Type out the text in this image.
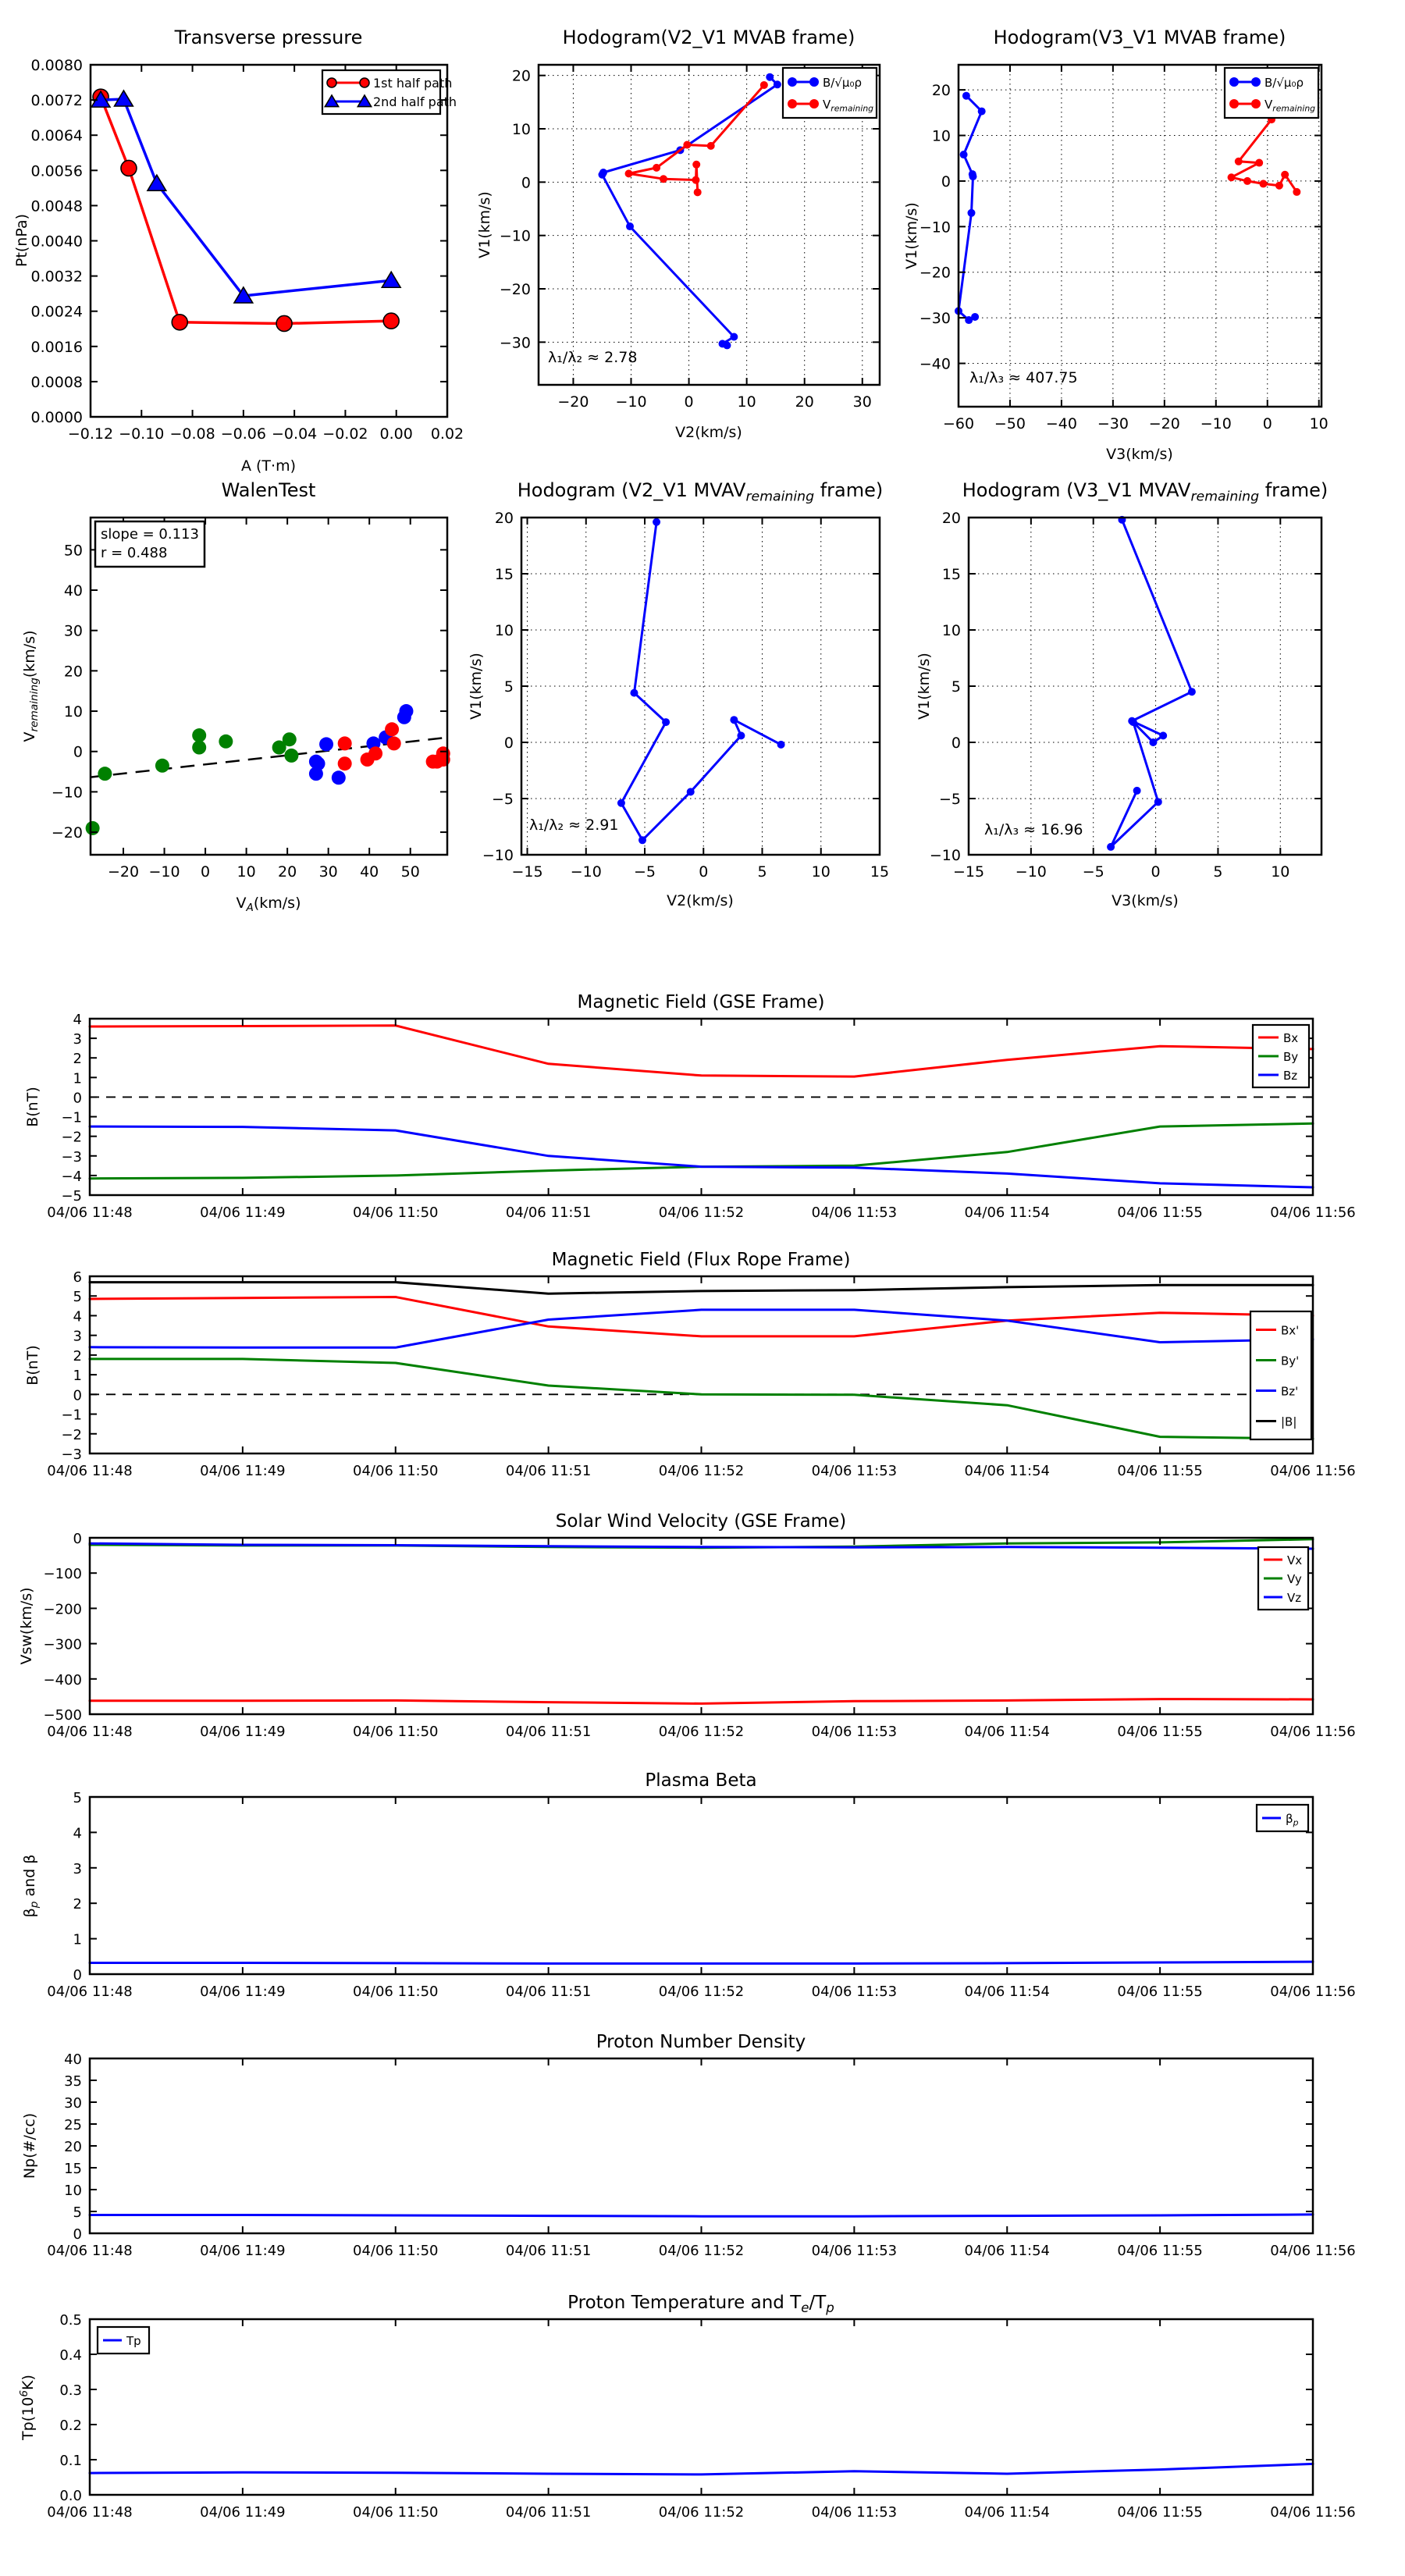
−0.12 −0.10 −0.08 −0.06 −0.04 −0.02 0.00 0.02
0.0000
0.0008
0.0016
0.0024
0.0032
0.0040
0.0048
0.0056
0.0064
0.0072
0.0080
Transverse pressure
A (T·m)
Pt(nPa)
1st half path
2nd half path
−20 −10	0	10	20	30
−30
−20
−10
0
10
20
Hodogram(V2_V1 MVAB frame)
V2(km/s)
V1(km/s)
λ₁/λ₂ ≈ 2.78
B/√μ₀ρ
$V_{remaining}$
−60 −50 −40 −30 −20 −10 0	10
−40
−30
−20
−10
0
10
20
Hodogram(V3_V1 MVAB frame)
V3(km/s)
V1(km/s)
λ₁/λ₃ ≈ 407.75
B/√μ₀ρ
$V_{remaining}$
−20 −10 0 10 20 30 40 50
−20
−10
0
10
20
30
40
50
WalenTest
$V_A(km/s)$
$V_{remaining}(km/s)$
slope = 0.113
r = 0.488
−15 −10 −5	0	5	10	15
−10
−5
0
5
10
15
20
Hodogram (V2_V1 $MVAV_{remaining}$ frame)
V2(km/s)
V1(km/s)
λ₁/λ₂ ≈ 2.91
−15 −10 −5	0	5	10
−10
−5
0
5
10
15
20
Hodogram (V3_V1 $MVAV_{remaining}$ frame)
V3(km/s)
V1(km/s)
λ₁/λ₃ ≈ 16.96
04/06 11:48	04/06 11:49	04/06 11:50	04/06 11:51	04/06 11:52	04/06 11:53	04/06 11:54	04/06 11:55	04/06 11:56
−5
−4
−3
−2
−1
0
1
2
3
4
Magnetic Field (GSE Frame)
B(nT)
Bx
By
Bz
04/06 11:48	04/06 11:49	04/06 11:50	04/06 11:51	04/06 11:52	04/06 11:53	04/06 11:54	04/06 11:55	04/06 11:56
−3
−2
−1
0
1
2
3
4
5
6
Magnetic Field (Flux Rope Frame)
B(nT)
Bx'
By'
Bz'
|B|
04/06 11:48	04/06 11:49	04/06 11:50	04/06 11:51	04/06 11:52	04/06 11:53	04/06 11:54	04/06 11:55	04/06 11:56
−500
−400
−300
−200
−100
0
Solar Wind Velocity (GSE Frame)
Vsw(km/s)
Vx
Vy
Vz
04/06 11:48	04/06 11:49	04/06 11:50	04/06 11:51	04/06 11:52	04/06 11:53	04/06 11:54	04/06 11:55	04/06 11:56
0
1
2
3
4
5
Plasma Beta
$\beta_p$ and β
$\beta_p$
04/06 11:48	04/06 11:49	04/06 11:50	04/06 11:51	04/06 11:52	04/06 11:53	04/06 11:54	04/06 11:55	04/06 11:56
0
5
10
15
20
25
30
35
40
Proton Number Density
Np(#/cc)
04/06 11:48	04/06 11:49	04/06 11:50	04/06 11:51	04/06 11:52	04/06 11:53	04/06 11:54	04/06 11:55	04/06 11:56
0.0
0.1
0.2
0.3
0.4
0.5
Proton Temperature and $T_e/T_p$
$Tp(10^6K)$
Tp
